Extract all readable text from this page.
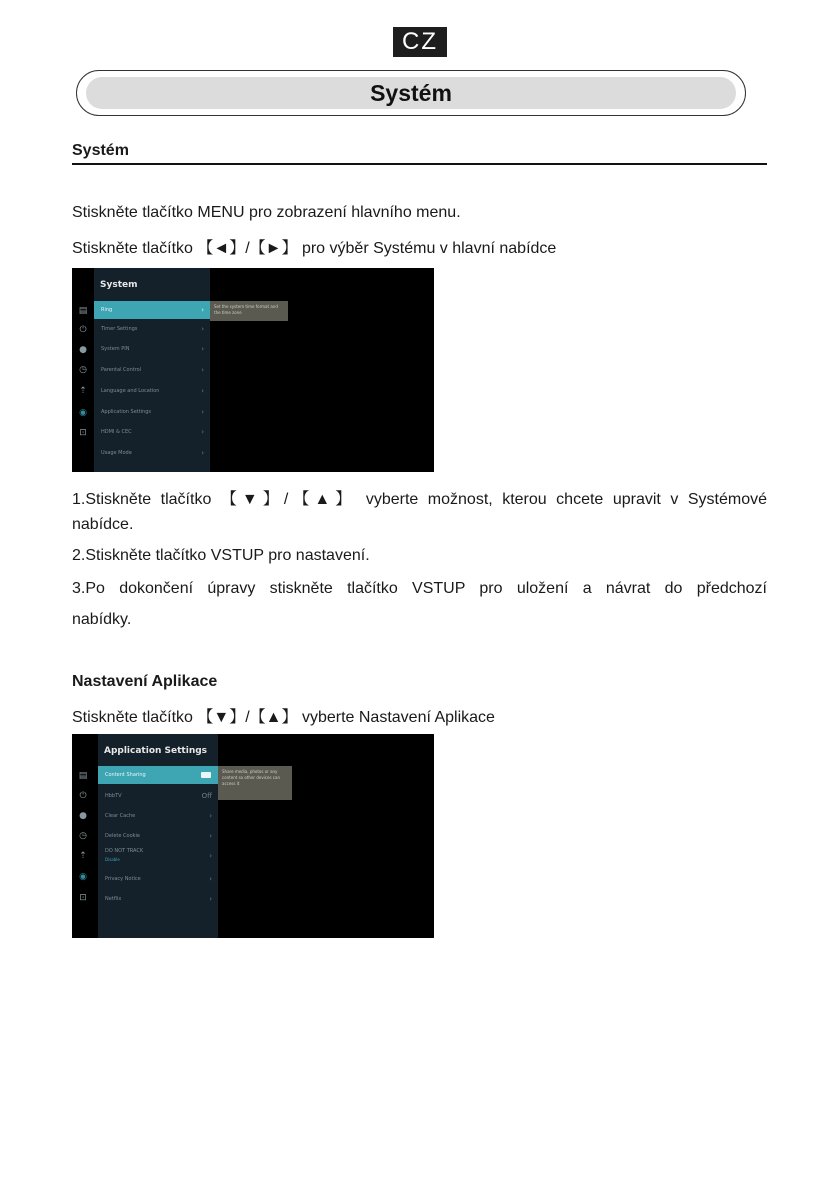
CZ
Systém
Systém
Stiskněte tlačítko MENU pro zobrazení hlavního menu.
Stiskněte tlačítko 【◄】/【►】 pro výběr Systému v hlavní nabídce
▤
⏻
●
◷
⇡
◉
⊡
System
Ring	›
Timer Settings	›
System PIN	›
Parental Control	›
Language and Location	›
Application Settings	›
HDMI & CEC	›
Usage Mode	›
Set the system time format and the time zone
1.Stiskněte tlačítko 【▼】/【▲】 vyberte možnost, kterou chcete upravit v Systémové
nabídce.
2.Stiskněte tlačítko VSTUP pro nastavení.
3.Po dokončení úpravy stiskněte tlačítko VSTUP pro uložení a návrat do předchozí
nabídky.
Nastavení Aplikace
Stiskněte tlačítko 【▼】/【▲】 vyberte Nastavení Aplikace
▤
⏻
●
◷
⇡
◉
⊡
Application Settings
Content Sharing
HbbTV	Off
Clear Cache	›
Delete Cookie	›
DO NOT TRACK
Disable	›
Privacy Notice	›
Netflix	›
Share media, photos or any content so other devices can access it
